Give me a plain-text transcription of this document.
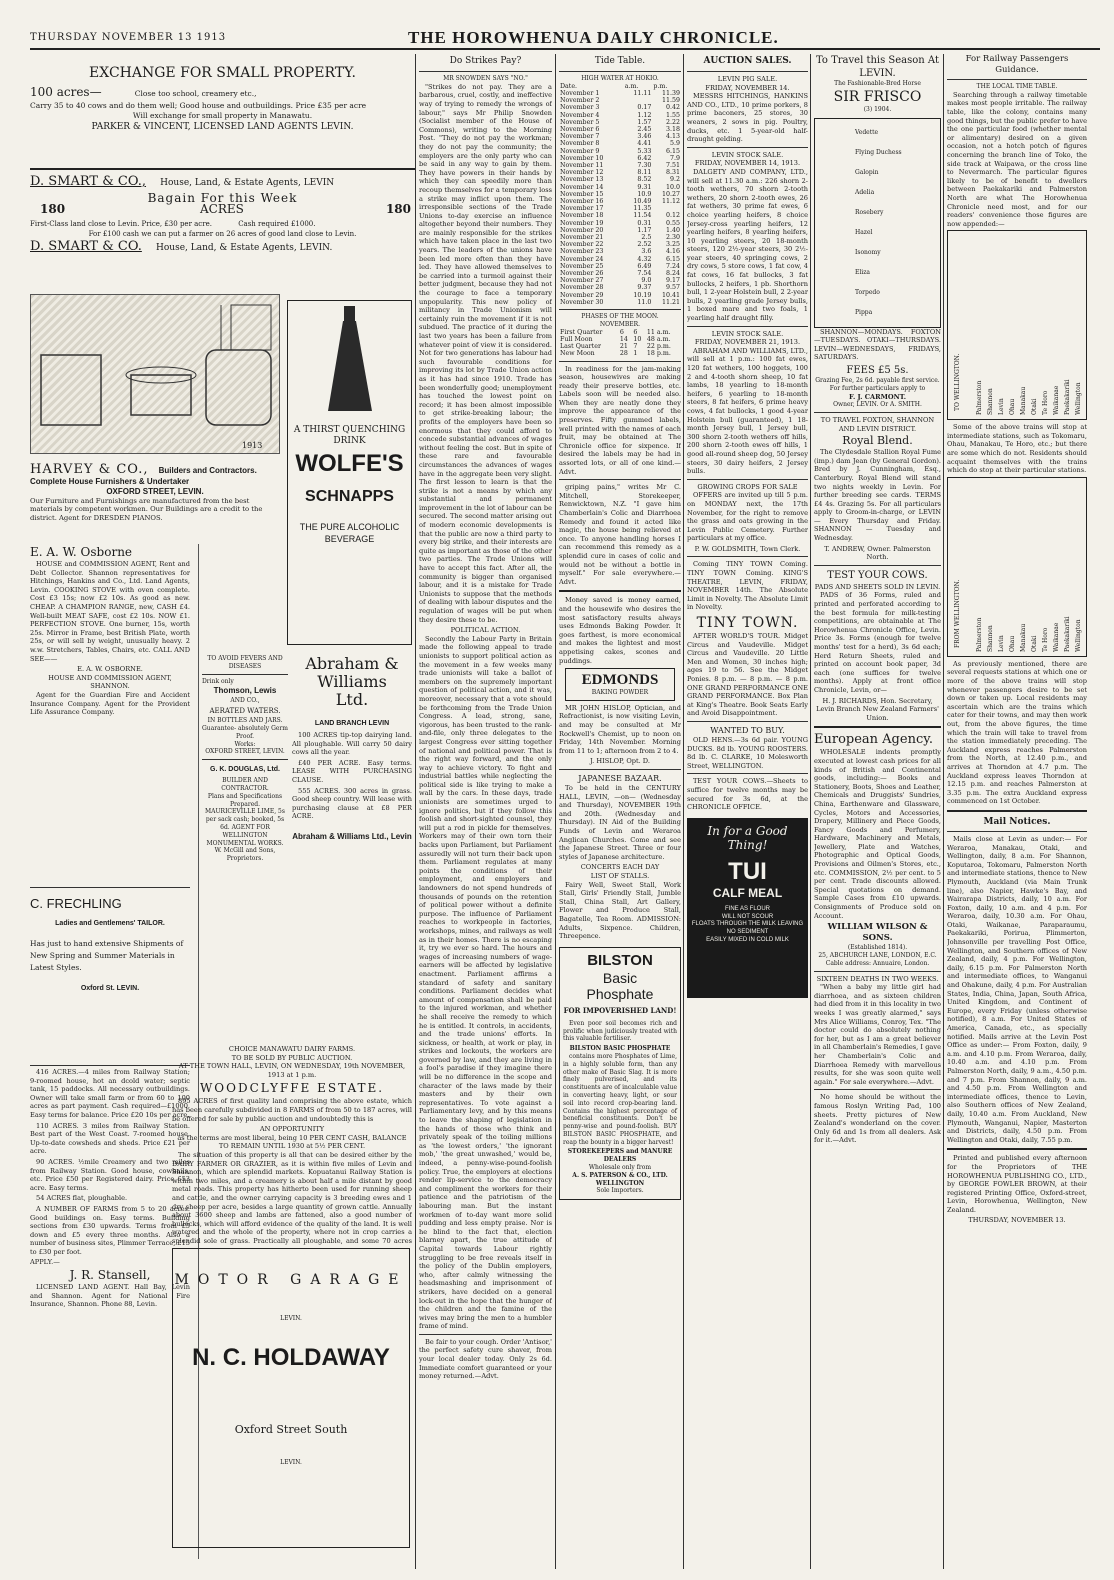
THURSDAY NOVEMBER 13 1913	THE HOROWHENUA DAILY CHRONICLE.
EXCHANGE FOR SMALL PROPERTY.
100 acres—	Close too school, creamery etc.,
Carry 35 to 40 cows and do them well; Good house and outbuildings. Price £35 per acre
Will exchange for small property in Manawatu.
PARKER & VINCENT, LICENSED LAND AGENTS LEVIN.
D. SMART & CO., House, Land, & Estate Agents, LEVIN
Bagain For this Week
180	ACRES	180
First-Class land close to Levin. Price, £30 per acre.	Cash required £1000.
For £100 cash we can put a farmer on 26 acres of good land close to Levin.
D. SMART & CO. House, Land, & Estate Agents, LEVIN.
1913
HARVEY & CO., Builders and Contractors.
Complete House Furnishers & Undertaker
OXFORD STREET, LEVIN.
Our Furniture and Furnishings are manufactured from the best materials by competent workmen. Our Buildings are a credit to the district. Agent for DRESDEN PIANOS.
E. A. W. Osborne
HOUSE and COMMISSION AGENT, Rent and Debt Collector. Shannon representatives for Hitchings, Hankins and Co., Ltd. Land Agents, Levin. COOKING STOVE with oven complete. Cost £3 15s; now £2 10s. As good as new. CHEAP. A CHAMPION RANGE, new, CASH £4. Well-built MEAT SAFE, cost £2 10s. NOW £1. PERFECTION STOVE. One burner, 15s, worth 25s. Mirror in Frame, best British Plate, worth 25s, or will sell by weight, unusually heavy. 2 w.w. Stretchers, Tables, Chairs, etc. CALL AND SEE——
E. A. W. OSBORNE.
HOUSE AND COMMISSION AGENT, SHANNON.
Agent for the Guardian Fire and Accident Insurance Company. Agent for the Provident Life Assurance Company.
C. FRECHLING
Ladies and Gentlemens' TAILOR.
Has just to hand extensive Shipments of New Spring and Summer Materials in Latest Styles.
Oxford St. LEVIN.
416 ACRES.—4 miles from Railway Station; 9-roomed house, hot an dcold water; septic tank, 15 paddocks. All necessary outbuildings. Owner will take small farm or from 60 to 100 acres as part payment. Cash required—£1000. Easy terms for balance. Price £20 10s per acre.
110 ACRES. 3 miles from Railway Station. Best part of the West Coast. 7-roomed house. Up-to-date cowsheds and sheds. Price £21 per acre.
90 ACRES. ½mile Creamery and two miles from Railway Station. Good house, cowbails, etc. Price £50 per Registered dairy. Price £53 acre. Easy terms.
54 ACRES flat, ploughable.
A NUMBER OF FARMS from 5 to 20 acres. Good buildings on. Easy terms. Building sections from £30 upwards. Terms from £5 down and £5 every three months. Also a number of business sites, Plimmer Terrace, £15 to £30 per foot.
APPLY.—
J. R. Stansell,
LICENSED LAND AGENT. Hall Bay, Levin and Shannon. Agent for National Fire Insurance, Shannon. Phone 88, Levin.
A THIRST QUENCHING DRINK
WOLFE'S
SCHNAPPS
THE PURE ALCOHOLIC BEVERAGE
TO AVOID FEVERS AND DISEASES
Drink only
Thomson, Lewis
AND CO.,
AERATED WATERS.
IN BOTTLES AND JARS.
Guarantee- absolutely Germ Proof.
Works:
OXFORD STREET, LEVIN.
G. K. DOUGLAS, Ltd.
BUILDER AND
CONTRACTOR.
Plans and Specifications Prepared.
MAURICEVILLE LIME, 5s per sack cash; booked, 5s 6d. AGENT FOR
WELLINGTON MONUMENTAL WORKS.
W. McGill and Sons, Proprietors.
Abraham &
Williams
Ltd.
LAND BRANCH LEVIN
100 ACRES tip-top dairying land. All ploughable. Will carry 50 dairy cows all the year.
£40 PER ACRE. Easy terms. LEASE WITH PURCHASING CLAUSE.
555 ACRES. 300 acres in grass. Good sheep country. Will lease with purchasing clause at £8 PER ACRE.
Abraham & Williams Ltd., Levin
CHOICE MANAWATU DAIRY FARMS.
TO BE SOLD BY PUBLIC AUCTION.
AT THE TOWN HALL, LEVIN, ON WEDNESDAY, 19th NOVEMBER, 1913 at 1 p.m.
WOODCLYFFE ESTATE.
895 ACRES of first quality land comprising the above estate, which has been carefully subdivided in 8 FARMS of from 50 to 187 acres, will be offered for sale by public auction and undoubtedly this is
AN OPPORTUNITY
as the terms are most liberal, being 10 PER CENT CASH, BALANCE TO REMAIN UNTIL 1930 at 5½ PER CENT.
The situation of this property is all that can be desired either by the DAIRY FARMER OR GRAZIER, as it is within five miles of Levin and Shannon, which are splendid markets. Kopuatanui Railway Station is within two miles, and a creamery is about half a mile distant by good metal roads. This property has hitherto been used for running sheep and cattle, and the owner carrying capacity is 3 breeding ewes and 1 dry sheep per acre, besides a large quantity of grown cattle. Annually about 3600 sheep and lambs are fattened, also a good number of bullocks, which will afford evidence of the quality of the land. It is well watered and the whole of the property, where not in crop carries a splendid sole of grass. Practically all ploughable, and some 70 acres
MOTOR GARAGE
LEVIN.
N. C. HOLDAWAY
Oxford Street South
LEVIN.
Do Strikes Pay?
MR SNOWDEN SAYS "NO."
"Strikes do not pay. They are a barbarous, cruel, costly, and ineffective way of trying to remedy the wrongs of labour," says Mr Philip Snowden (Socialist member of the House of Commons), writing to the Morning Post. "They do not pay the workman; they do not pay the community; the employers are the only party who can be said in any way to gain by them. They have powers in their hands by which they can speedily more than recoup themselves for a temporary loss a strike may inflict upon them. The irresponsible sections of the Trade Unions to-day exercise an influence altogether beyond their numbers. They are mainly responsible for the strikes which have taken place in the last two years. The leaders of the unions have been led more often than they have led. They have allowed themselves to be carried into a turmoil against their better judgment, because they had not the courage to face a temporary unpopularity. This new policy of militancy in Trade Unionism will certainly ruin the movement if it is not subdued. The practice of it during the last two years has been a failure from whatever point of view it is considered. Not for two generations has labour had such favourable conditions for improving its lot by Trade Union action as it has had since 1910. Trade has been wonderfully good; unemployment has touched the lowest point on record; it has been almost impossible to get strike-breaking labour; the profits of the employers have been so enormous that they could afford to concede substantial advances of wages without feeling the cost. But in spite of these rare and favourable circumstances the advances of wages have in the aggregate been very slight. The first lesson to learn is that the strike is not a means by which any substantial and permanent improvement in the lot of labour can be secured. The second matter arising out of modern economic developments is that the public are now a third party to every big strike, and their interests are quite as important as those of the other two parties. The Trade Unions will have to accept this fact. After all, the community is bigger than organised labour, and it is a mistake for Trade Unionists to suppose that the methods of dealing with labour disputes and the regulation of wages will be put when they desire these to be.
POLITICAL ACTION.
Secondly the Labour Party in Britain made the following appeal to trade unionists to support political action as the movement in a few weeks many trade unionists will take a ballot of members on the supremely important question of political action, and it was, moreover, necessary that a vote should be forthcoming from the Trade Union Congress. A lead, strong, sane, vigorous, has been trusted to the rank-and-file, only three delegates to the largest Congress ever sitting together of national and political power. That is the right way forward, and the only way to achieve victory. To fight and industrial battles while neglecting the political side is like trying to make a wall by the cars. In these days, trade unionists are sometimes urged to ignore politics, but if they follow this foolish and short-sighted counsel, they will put a rod in pickle for themselves. Workers may of their own torn their backs upon Parliament, but Parliament assuredly will not turn their back upon them. Parliament regulates at many points the conditions of their employment, and employers and landowners do not spend hundreds of thousands of pounds on the retention of political power without a definite purpose. The influence of Parliament reaches to workpeople in factories, workshops, mines, and railways as well as in their homes. There is no escaping it, try we ever so hard. The hours and wages of increasing numbers of wage-earners will be affected by legislative enactment. Parliament affirms a standard of safety and sanitary conditions. Parliament decides what amount of compensation shall be paid to the injured workman, and whether he shall receive the remedy to which he is entitled. It controls, in accidents, and the trade unions' efforts. In sickness, or health, at work or play, in strikes and lockouts, the workers are governed by law, and they are living in a fool's paradise if they imagine there will be no difference in the scope and character of the laws made by their masters and by their own representatives. To vote against a Parliamentary levy, and by this means to leave the shaping of legislation in the hands of those who think and privately speak of the toiling millions as 'the lowest orders,' 'the ignorant mob,' 'the great unwashed,' would be, indeed, a penny-wise-pound-foolish policy. True, the employers at elections render lip-service to the democracy and compliment the workers for their patience and the patriotism of the labouring man. But the instant workmen of to-day want more solid pudding and less empty praise. Nor is he blind to the fact that, election blarney apart, the true attitude of Capital towards Labour rightly struggling to be free reveals itself in the policy of the Dublin employers, who, after calmly witnessing the headsmashing and imprisonment of strikers, have decided on a general lock-out in the hope that the hunger of the children and the famine of the wives may bring the men to a humbler frame of mind.
Be fair to your cough. Order 'Antisor,' the perfect safety cure shaver, from your local dealer today. Only 2s 6d. Immediate comfort guaranteed or your money returned.—Advt.
Tide Table.
HIGH WATER AT HOKIO.
Date.	a.m.	p.m.
November 1	11.11	11.39
November 2		11.59
November 3	0.17	0.42
November 4	1.12	1.55
November 5	1.57	2.22
November 6	2.45	3.18
November 7	3.46	4.13
November 8	4.41	5.9
November 9	5.33	6.15
November 10	6.42	7.9
November 11	7.30	7.51
November 12	8.11	8.31
November 13	8.52	9.2
November 14	9.31	10.0
November 15	10.9	10.27
November 16	10.49	11.12
November 17	11.35	
November 18	11.54	0.12
November 19	0.31	0.55
November 20	1.17	1.40
November 21	2.5	2.30
November 22	2.52	3.25
November 23	3.6	4.16
November 24	4.32	6.15
November 25	6.49	7.24
November 26	7.54	8.24
November 27	9.0	9.17
November 28	9.37	9.57
November 29	10.19	10.41
November 30	11.0	11.21
PHASES OF THE MOON.
NOVEMBER.
First Quarter	6	6	11 a.m.
Full Moon	14	10	48 a.m.
Last Quarter	21	7	22 p.m.
New Moon	28	1	18 p.m.
In readiness for the jam-making season, housewives are making ready their preserve bottles, etc. Labels soon will be needed also. When they are neatly done they improve the appearance of the preserves. Fifty gummed labels, well printed with the names of each fruit, may be obtained at The Chronicle office for sixpence. If desired the labels may be had in assorted lots, or all of one kind.—Advt.
griping pains," writes Mr C. Mitchell, Storekeeper, Renwicktown, N.Z. "I gave him Chamberlain's Colic and Diarrhoea Remedy and found it acted like magic, the house being relieved at once. To anyone handling horses I can recommend this remedy as a splendid cure in cases of colic and would not be without a bottle in myself." For sale everywhere.—Advt.
Money saved is money earned, and the housewife who desires the most satisfactory results always uses Edmonds Baking Powder. It goes farthest, is more economical and makes the lightest and most appetising cakes, scones and puddings.
EDMONDS
BAKING POWDER
MR JOHN HISLOP, Optician, and Refractionist, is now visiting Levin, and may be consulted at Mr Rockwell's Chemist, up to noon on Friday, 14th November. Morning from 11 to 1; afternoon from 2 to 4.
J. HISLOP, Opt. D.
JAPANESE BAZAAR.
To be held in the CENTURY HALL, LEVIN, —on— (Wednesday and Thursday), NOVEMBER 19th and 20th. (Wednesday and Thursday). IN Aid of the Building Funds of Levin and Weraroa Anglican Churches. Come and see the Japanese Street. Three or four styles of Japanese architecture.
CONCERTS EACH DAY
LIST OF STALLS.
Fairy Well, Sweet Stall, Work Stall, Girls' Friendly Stall, Jumble Stall, China Stall, Art Gallery, Flower and Produce Stall, Bagatelle, Tea Room. ADMISSION: Adults, Sixpence. Children, Threepence.
BILSTON
Basic
Phosphate
FOR IMPOVERISHED LAND!
Even poor soil becomes rich and prolific when judiciously treated with this valuable fertiliser.
BILSTON BASIC PHOSPHATE
contains more Phosphates of Lime, in a highly soluble form, than any other make of Basic Slag. It is more finely pulverised, and its constituents are of incalculable value in converting heavy, light, or sour soil into record crop-bearing land. Contains the highest percentage of beneficial constituents. Don't be penny-wise and pound-foolish. BUY BILSTON BASIC PHOSPHATE, and reap the bounty in a bigger harvest!
STOREKEEPERS and MANURE DEALERS
Wholesale only from
A. S. PATERSON & CO., LTD. WELLINGTON
Sole Importers.
AUCTION SALES.
LEVIN PIG SALE.
FRIDAY, NOVEMBER 14.
MESSRS HITCHINGS, HANKINS AND CO., LTD., 10 prime porkers, 8 prime baconers, 25 stores, 30 weaners, 2 sows in pig. Poultry, ducks, etc. 1 5-year-old half-draught gelding.
LEVIN STOCK SALE.
FRIDAY, NOVEMBER 14, 1913.
DALGETY AND COMPANY, LTD., will sell at 11.30 a.m.: 226 shorn 2-tooth wethers, 70 shorn 2-tooth wethers, 20 shorn 2-tooth ewes, 26 fat wethers, 30 prime fat ewes, 6 choice yearling heifers, 8 choice Jersey-cross yearling heifers, 12 yearling heifers, 8 yearling heifers, 10 yearling steers, 20 18-month steers, 120 2½-year steers, 30 2½-year steers, 40 springing cows, 2 dry cows, 5 store cows, 1 fat cow, 4 fat cows, 16 fat bullocks, 3 fat bullocks, 2 heifers, 1 pb. Shorthorn bull, 1 2-year Holstein bull, 2 2-year bulls, 2 yearling grade Jersey bulls, 1 boxed mare and two foals, 1 yearling half draught filly.
LEVIN STOCK SALE.
FRIDAY, NOVEMBER 21, 1913.
ABRAHAM AND WILLIAMS, LTD., will sell at 1 p.m.: 100 fat ewes, 120 fat wethers, 100 hoggets, 100 2 and 4-tooth shorn sheep, 10 fat lambs, 18 yearling to 18-month heifers, 6 yearling to 18-month steers, 8 fat heifers, 6 prime heavy cows, 4 fat bullocks, 1 good 4-year Holstein bull (guaranteed), 1 18-month Jersey bull, 1 Jersey bull, 300 shorn 2-tooth wethers off hills, 200 shorn 2-tooth ewes off hills, 1 good all-round sheep dog, 50 Jersey steers, 30 dairy heifers, 2 Jersey bulls.
GROWING CROPS FOR SALE
OFFERS are invited up till 5 p.m. on MONDAY next, the 17th November, for the right to remove the grass and oats growing in the Levin Public Cemetery. Further particulars at my office.
P. W. GOLDSMITH, Town Clerk.
Coming TINY TOWN Coming. TINY TOWN Coming. KING'S THEATRE, LEVIN, FRIDAY, NOVEMBER 14th. The Absolute Limit in Novelty. The Absolute Limit in Novelty.
TINY TOWN.
AFTER WORLD'S TOUR. Midget Circus and Vaudeville. Midget Circus and Vaudeville. 20 Little Men and Women, 30 inches high; ages 19 to 56. See the Midget Ponies. 8 p.m. — 8 p.m. — 8 p.m. ONE GRAND PERFORMANCE ONE GRAND PERFORMANCE. Box Plan at King's Theatre. Book Seats Early and Avoid Disappointment.
WANTED TO BUY.
OLD HENS.—3s 6d pair. YOUNG DUCKS. 8d lb. YOUNG ROOSTERS. 8d lb. C. CLARKE, 10 Molesworth Street, WELLINGTON.
TEST YOUR COWS.—Sheets to suffice for twelve months may be secured for 3s 6d, at the CHRONICLE OFFICE.
In for a Good Thing!
TUI
CALF MEAL
FINE AS FLOUR
WILL NOT SCOUR
FLOATS THROUGH THE MILK LEAVING NO SEDIMENT
EASILY MIXED IN COLD MILK
To Travel this Season At LEVIN.
The Fashionable-Bred Horse
SIR FRISCO
(3) 1904.
Vedette
Flying Duchess
Galopin
Adelia
Rosebery
Hazel
Isonomy
Eliza
Torpedo
Pippa
SHANNON—MONDAYS. FOXTON—TUESDAYS. OTAKI—THURSDAYS. LEVIN—WEDNESDAYS, FRIDAYS, SATURDAYS.
FEES £5 5s.
Grazing Fee, 2s 6d. payable first service.
For further particulars apply to
F. J. CARMONT.
Owner, LEVIN. Or A. SMITH.
TO TRAVEL FOXTON, SHANNON AND LEVIN DISTRICT.
Royal Blend.
The Clydesdale Stallion Royal Fume (imp.) dam Jean (by General Gordon). Bred by J. Cunningham, Esq., Canterbury. Royal Blend will stand two nights weekly in Levin. For further breeding see cards. TERMS £4 4s. Grazing 5s. For all particulars apply to Groom-in-charge, or LEVIN — Every Thursday and Friday. SHANNON — Tuesday and Wednesday.
T. ANDREW, Owner. Palmerston North.
TEST YOUR COWS.
PADS AND SHEETS SOLD IN LEVIN.
PADS of 36 Forms, ruled and printed and perforated according to the best formula for milk-testing competitions, are obtainable at The Horowhenua Chronicle Office, Levin. Price 3s. Forms (enough for twelve months' test for a herd), 3s 6d each; Herd Return Sheets, ruled and printed on account book paper, 3d each (one suffices for twelve months). Apply at front office Chronicle, Levin, or—
H. J. RICHARDS, Hon. Secretary, Levin Branch New Zealand Farmers' Union.
European Agency.
WHOLESALE indents promptly executed at lowest cash prices for all kinds of British and Continental goods, including:— Books and Stationery, Boots, Shoes and Leather, Chemicals and Druggists' Sundries, China, Earthenware and Glassware, Cycles, Motors and Accessories, Drapery, Millinery and Piece Goods, Fancy Goods and Perfumery, Hardware, Machinery and Metals, Jewellery, Plate and Watches, Photographic and Optical Goods, Provisions and Oilmen's Stores, etc., etc. COMMISSION, 2½ per cent. to 5 per cent. Trade discounts allowed. Special quotations on demand. Sample Cases from £10 upwards. Consignments of Produce sold on Account.
WILLIAM WILSON & SONS.
(Established 1814).
25, ABCHURCH LANE, LONDON, E.C.
Cable address: Annuaire, London.
SIXTEEN DEATHS IN TWO WEEKS.
"When a baby my little girl had diarrhoea, and as sixteen children had died from it in this locality in two weeks I was greatly alarmed," says Mrs Alice Williams, Conroy, Tex. "The doctor could do absolutely nothing for her, but as I am a great believer in all Chamberlain's Remedies, I gave her Chamberlain's Colic and Diarrhoea Remedy with marvellous results, for she was soon quite well again." For sale everywhere.—Advt.
No home should be without the famous Roslyn Writing Pad, 100 sheets. Pretty pictures of New Zealand's wonderland on the cover. Only 6d and 1s from all dealers. Ask for it.—Advt.
For Railway Passengers Guidance.
THE LOCAL TIME TABLE.
Searching through a railway timetable makes most people irritable. The railway table, like the colony, contains many good things, but the public prefer to have the one particular food (whether mental or alimentary) desired on a given occasion, not a hotch potch of figures concerning the branch line of Toko, the side track at Waipawa, or the cross line to Nevermarch. The particular figures likely to be of benefit to dwellers between Paekakariki and Palmerston North are what The Horowhenua Chronicle need most, and for our readers' convenience those figures are now appended:—
TO WELLINGTON.	Palmerston Shannon Levin Ohau Manakau Otaki Te Horo Waikanae Paekakariki Wellington
Some of the above trains will stop at intermediate stations, such as Tokomaru, Ohau, Manakau, Te Horo, etc.; but there are some which do not. Residents should acquaint themselves with the trains which do stop at their particular stations.
FROM WELLINGTON.	Palmerston Shannon Levin Ohau Manakau Otaki Te Horo Waikanae Paekakariki Wellington
As previously mentioned, there are several requests stations at which one or more of the above trains will stop whenever passengers desire to be set down or taken up. Local residents may ascertain which are the trains which cater for their towns, and may then work out, from the above figures, the time which the train will take to travel from the station immediately preceding. The Auckland express reaches Palmerston from the North, at 12.40 p.m., and arrives at Thorndon at 4.7 p.m. The Auckland express leaves Thorndon at 12.15 p.m. and reaches Palmerston at 3.35 p.m. The extra Auckland express commenced on 1st October.
Mail Notices.
Mails close at Levin as under:— For Weraroa, Manakau, Otaki, and Wellington, daily, 8 a.m. For Shannon, Koputaroa, Tokomaru, Palmerston North and intermediate stations, thence to New Plymouth, Auckland (via Main Trunk line), also Napier, Hawke's Bay, and Wairarapa Districts, daily, 10 a.m. For Foxton, daily, 10 a.m. and 4 p.m. For Weraroa, daily, 10.30 a.m. For Ohau, Otaki, Waikanae, Paraparaumu, Paekakariki, Porirua, Plimmerton, Johnsonville per travelling Post Office, Wellington, and Southern offices of New Zealand, daily, 4 p.m. For Wellington, daily, 6.15 p.m. For Palmerston North and intermediate offices, to Wanganui and Ohakune, daily, 4 p.m. For Australian States, India, China, Japan, South Africa, United Kingdom, and Continent of Europe, every Friday (unless otherwise notified), 8 a.m. For United States of America, Canada, etc., as specially notified. Mails arrive at the Levin Post Office as under:— From Foxton, daily, 9 a.m. and 4.10 p.m. From Weraroa, daily, 10.40 a.m. and 4.10 p.m. From Palmerston North, daily, 9 a.m., 4.50 p.m. and 7 p.m. From Shannon, daily, 9 a.m. and 4.50 p.m. From Wellington and intermediate offices, thence to Levin, also Southern offices of New Zealand, daily, 10.40 a.m. From Auckland, New Plymouth, Wanganui, Napier, Masterton and Districts, daily, 4.50 p.m. From Wellington and Otaki, daily, 7.55 p.m.
Printed and published every afternoon for the Proprietors of THE HOROWHENUA PUBLISHING CO., LTD., by GEORGE FOWLER BROWN, at their registered Printing Office, Oxford-street, Levin, Horowhenua, Wellington, New Zealand.
THURSDAY, NOVEMBER 13.
